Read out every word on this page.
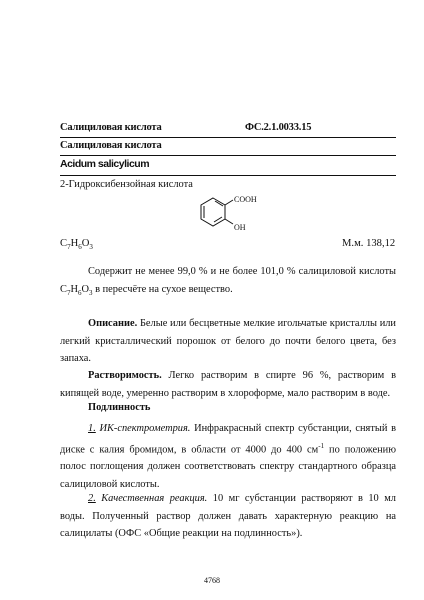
Салициловая кислота	ФС.2.1.0033.15
Салициловая кислота
Acidum salicylicum
2-Гидроксибензойная кислота
COOH
OH
$C_7H_6O_3$	М.м. 138,12
Содержит не менее 99,0 % и не более 101,0 % салициловой кислоты $C_7H_6O_3$ в пересчёте на сухое вещество.
Описание. Белые или бесцветные мелкие игольчатые кристаллы или легкий кристаллический порошок от белого до почти белого цвета, без запаха.
Растворимость. Легко растворим в спирте 96 %, растворим в кипящей воде, умеренно растворим в хлороформе, мало растворим в воде.
Подлинность
1. ИК-спектрометрия. Инфракрасный спектр субстанции, снятый в диске с калия бромидом, в области от 4000 до 400 $см^{-1}$ по положению полос поглощения должен соответствовать спектру стандартного образца салициловой кислоты.
2. Качественная реакция. 10 мг субстанции растворяют в 10 мл воды. Полученный раствор должен давать характерную реакцию на салицилаты (ОФС «Общие реакции на подлинность»).
4768
